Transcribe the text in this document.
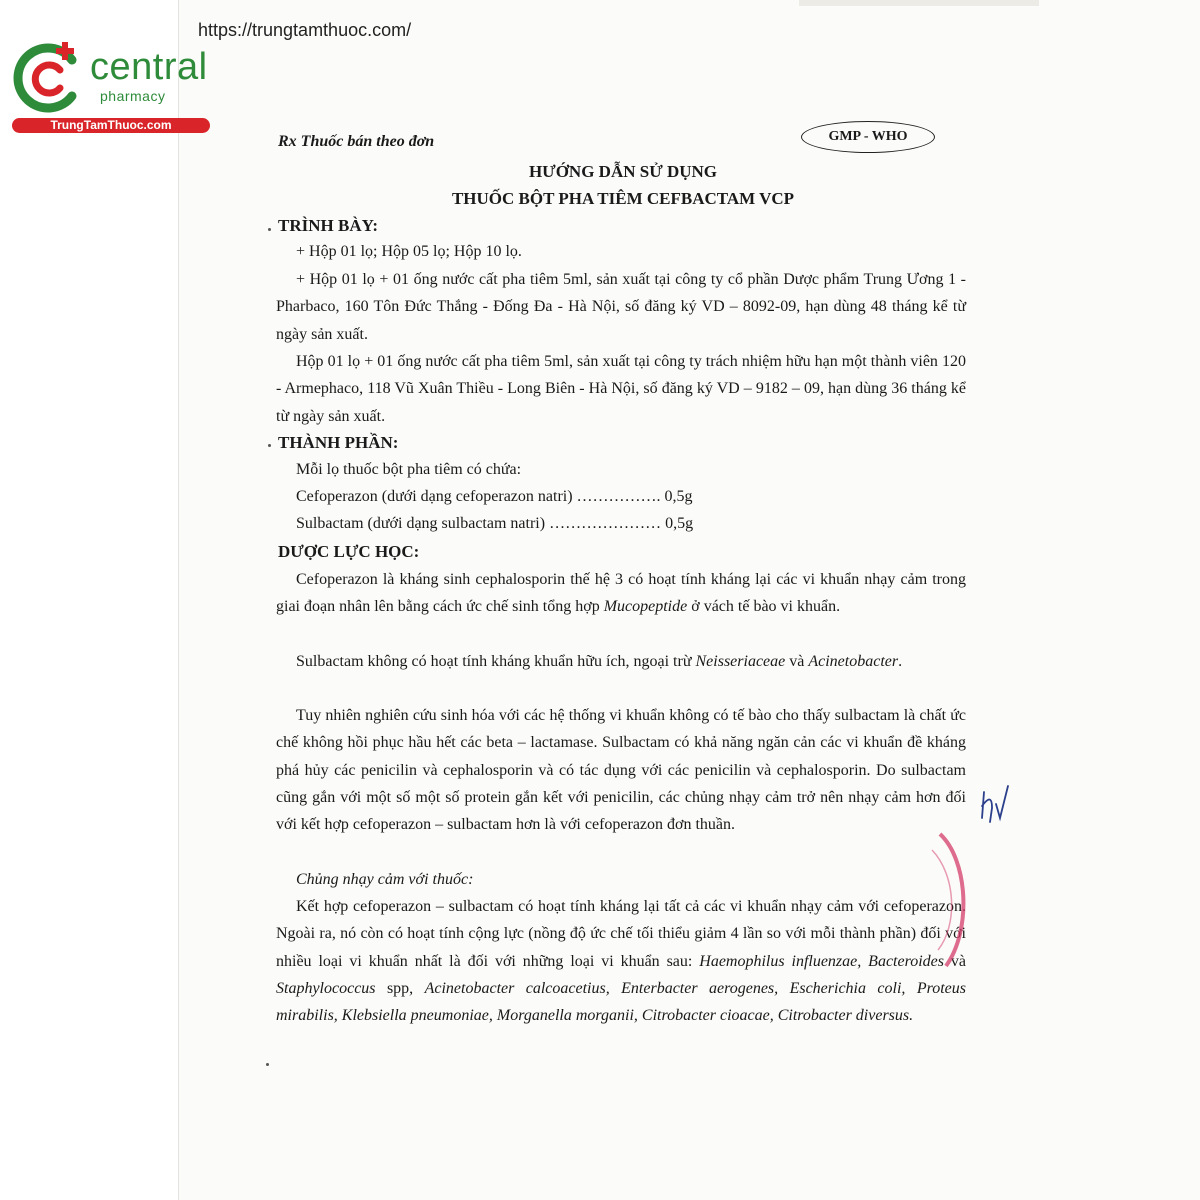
https://trungtamthuoc.com/
central
pharmacy
TrungTamThuoc.com
Rx Thuốc bán theo đơn	GMP - WHO
HƯỚNG DẪN SỬ DỤNG
THUỐC BỘT PHA TIÊM CEFBACTAM VCP
TRÌNH BÀY:
+ Hộp 01 lọ; Hộp 05 lọ; Hộp 10 lọ.

+ Hộp 01 lọ + 01 ống nước cất pha tiêm 5ml, sản xuất tại công ty cổ phần Dược phẩm Trung Ương 1 - Pharbaco, 160 Tôn Đức Thắng - Đống Đa - Hà Nội, số đăng ký VD – 8092-09, hạn dùng 48 tháng kể từ ngày sản xuất.

Hộp 01 lọ + 01 ống nước cất pha tiêm 5ml, sản xuất tại công ty trách nhiệm hữu hạn một thành viên 120 - Armephaco, 118 Vũ Xuân Thiều - Long Biên - Hà Nội, số đăng ký VD – 9182 – 09, hạn dùng 36 tháng kể từ ngày sản xuất.

THÀNH PHẦN:
Mỗi lọ thuốc bột pha tiêm có chứa:
Cefoperazon (dưới dạng cefoperazon natri) ……………. 0,5g
Sulbactam (dưới dạng sulbactam natri) ………………… 0,5g
DƯỢC LỰC HỌC:

Cefoperazon là kháng sinh cephalosporin thế hệ 3 có hoạt tính kháng lại các vi khuẩn nhạy cảm trong giai đoạn nhân lên bằng cách ức chế sinh tổng hợp Mucopeptide ở vách tế bào vi khuẩn.

Sulbactam không có hoạt tính kháng khuẩn hữu ích, ngoại trừ Neisseriaceae và Acinetobacter.

Tuy nhiên nghiên cứu sinh hóa với các hệ thống vi khuẩn không có tế bào cho thấy sulbactam là chất ức chế không hồi phục hầu hết các beta – lactamase. Sulbactam có khả năng ngăn cản các vi khuẩn đề kháng phá hủy các penicilin và cephalosporin và có tác dụng với các penicilin và cephalosporin. Do sulbactam cũng gắn với một số một số protein gắn kết với penicilin, các chủng nhạy cảm trở nên nhạy cảm hơn đối với kết hợp cefoperazon – sulbactam hơn là với cefoperazon đơn thuần.

Chủng nhạy cảm với thuốc:

Kết hợp cefoperazon – sulbactam có hoạt tính kháng lại tất cả các vi khuẩn nhạy cảm với cefoperazon. Ngoài ra, nó còn có hoạt tính cộng lực (nồng độ ức chế tối thiểu giảm 4 lần so với mỗi thành phần) đối với nhiều loại vi khuẩn nhất là đối với những loại vi khuẩn sau: Haemophilus influenzae, Bacteroides và Staphylococcus spp, Acinetobacter calcoacetius, Enterbacter aerogenes, Escherichia coli, Proteus mirabilis, Klebsiella pneumoniae, Morganella morganii, Citrobacter cioacae, Citrobacter diversus.
